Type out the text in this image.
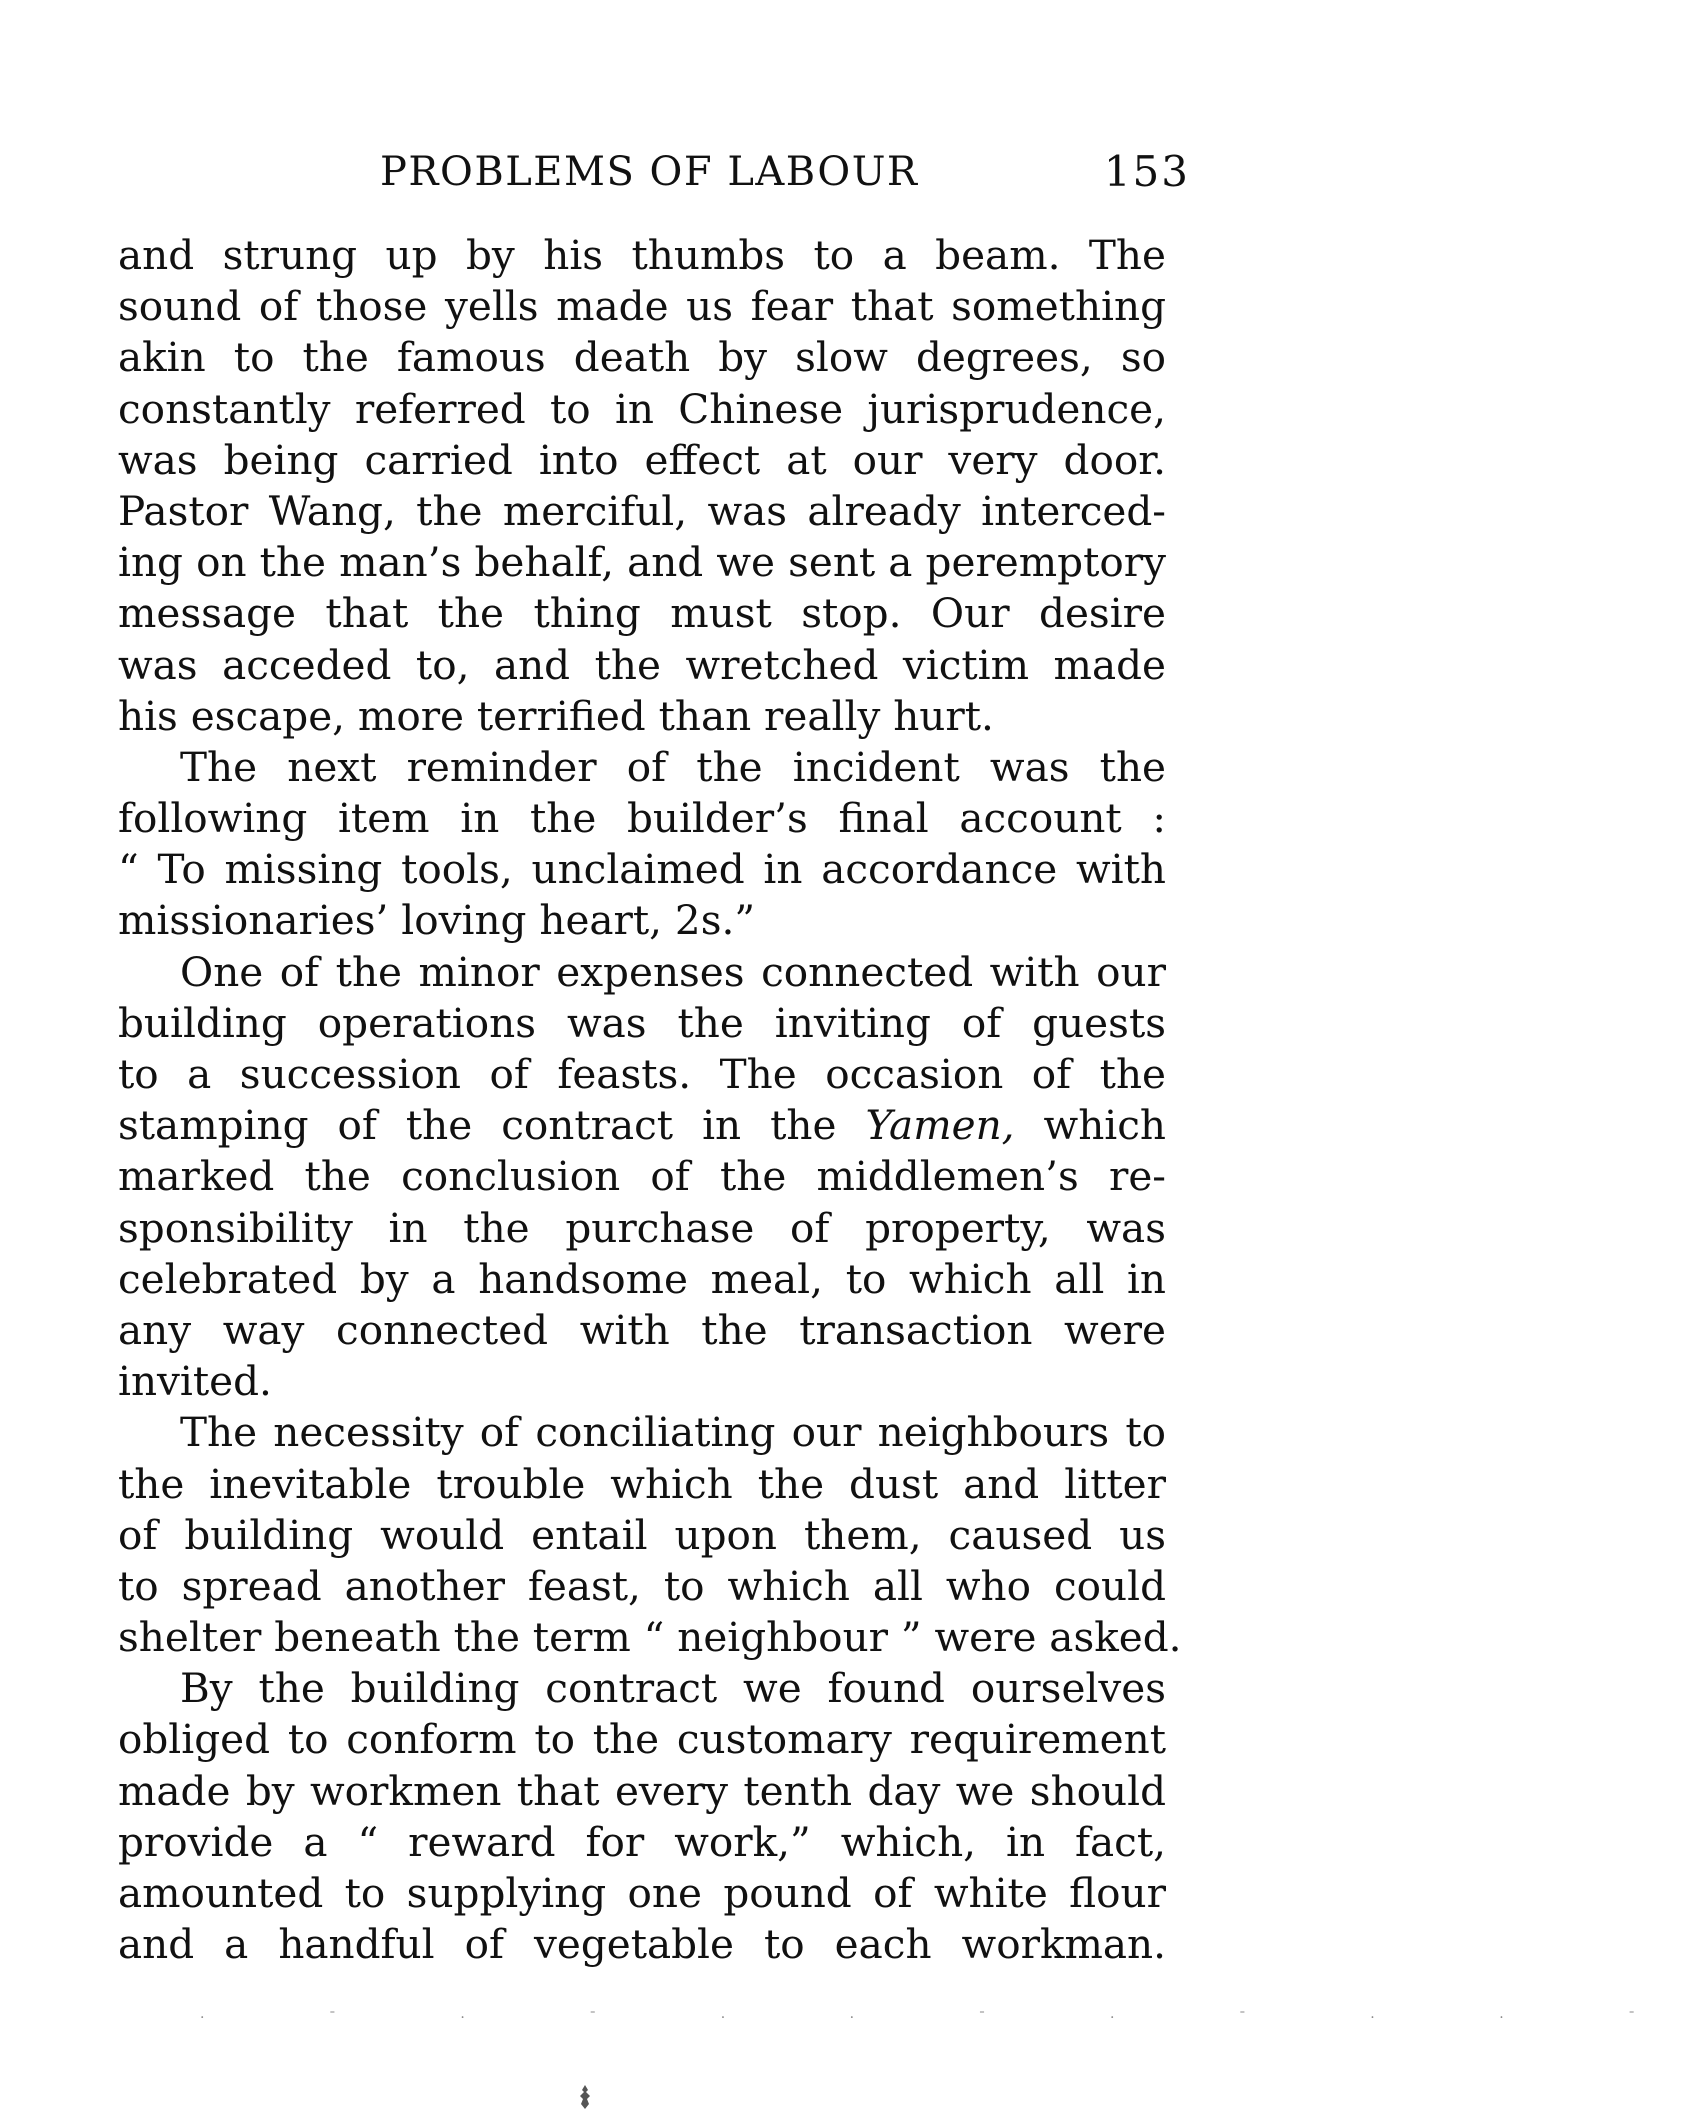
PROBLEMS OF LABOUR	153
and strung up by his thumbs to a beam. The
sound of those yells made us fear that something
akin to the famous death by slow degrees, so
constantly referred to in Chinese jurisprudence,
was being carried into effect at our very door.
Pastor Wang, the merciful, was already interced-
ing on the man’s behalf, and we sent a peremptory
message that the thing must stop. Our desire
was acceded to, and the wretched victim made
his escape, more terrified than really hurt.
The next reminder of the incident was the
following item in the builder’s final account :
“ To missing tools, unclaimed in accordance with
missionaries’ loving heart, 2s.”
One of the minor expenses connected with our
building operations was the inviting of guests
to a succession of feasts. The occasion of the
stamping of the contract in the Yamen, which
marked the conclusion of the middlemen’s re-
sponsibility in the purchase of property, was
celebrated by a handsome meal, to which all in
any way connected with the transaction were
invited.
The necessity of conciliating our neighbours to
the inevitable trouble which the dust and litter
of building would entail upon them, caused us
to spread another feast, to which all who could
shelter beneath the term “ neighbour ” were asked.
By the building contract we found ourselves
obliged to conform to the customary requirement
made by workmen that every tenth day we should
provide a “ reward for work,” which, in fact,
amounted to supplying one pound of white flour
and a handful of vegetable to each workman.
· ˉ · ˉ · · ˉ · ˉ · · ˉ
